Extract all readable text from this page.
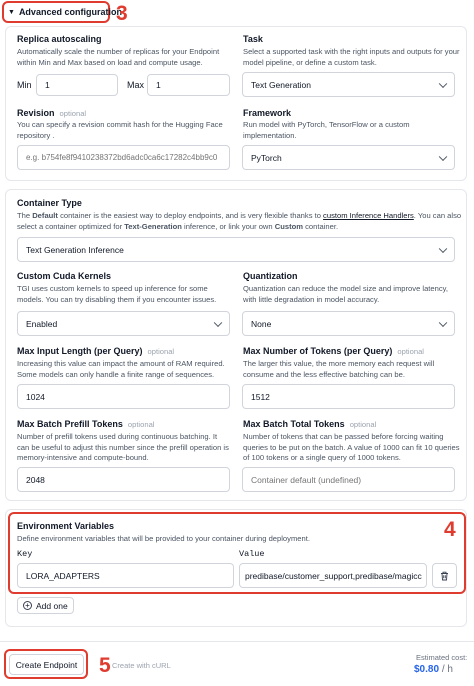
▼ Advanced configuration
3
Replica autoscaling
Automatically scale the number of replicas for your Endpoint within Min and Max based on load and compute usage.
Min	1	Max	1
Task
Select a supported task with the right inputs and outputs for your model pipeline, or define a custom task.
Text Generation
Revision optional
You can specify a revision commit hash for the Hugging Face repository .
e.g. b754fe8f9410238372bd6adc0ca6c17282c4bb9c0
Framework
Run model with PyTorch, TensorFlow or a custom implementation.
PyTorch
Container Type
The Default container is the easiest way to deploy endpoints, and is very flexible thanks to custom Inference Handlers. You can also select a container optimized for Text-Generation inference, or link your own Custom container.
Text Generation Inference
Custom Cuda Kernels
TGI uses custom kernels to speed up inference for some models. You can try disabling them if you encounter issues.
Enabled
Quantization
Quantization can reduce the model size and improve latency, with little degradation in model accuracy.
None
Max Input Length (per Query) optional
Increasing this value can impact the amount of RAM required. Some models can only handle a finite range of sequences.
1024
Max Number of Tokens (per Query) optional
The larger this value, the more memory each request will consume and the less effective batching can be.
1512
Max Batch Prefill Tokens optional
Number of prefill tokens used during continuous batching. It can be useful to adjust this number since the prefill operation is memory-intensive and compute-bound.
2048
Max Batch Total Tokens optional
Number of tokens that can be passed before forcing waiting queries to be put on the batch. A value of 1000 can fit 10 queries of 100 tokens or a single query of 1000 tokens.
Container default (undefined)
4
Environment Variables
Define environment variables that will be provided to your container during deployment.
Key	Value
LORA_ADAPTERS	predibase/customer_support,predibase/magicc
+ Add one
Create Endpoint	5 Create with cURL
Estimated cost:
$0.80 / h
